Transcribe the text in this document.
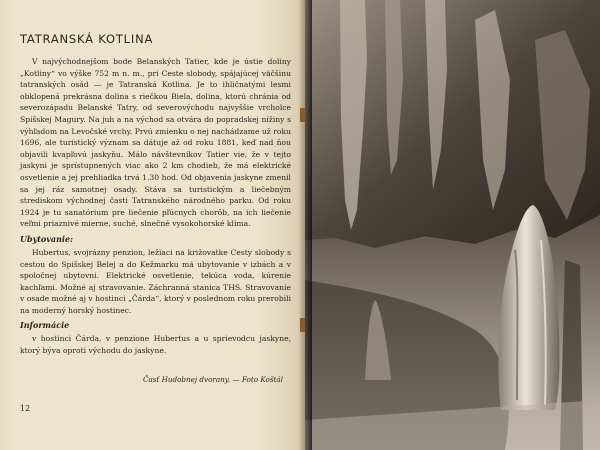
TATRANSKÁ KOTLINA

V najvýchodnejšom bode Belanských Tatier, kde je ústie doliny „Kotliny“ vo výške 752 m n. m., pri Ceste slobody, spájajúcej väčšinu tatranských osád — je Tatranská Kotlina. Je to ihličnatými lesmi obklopená prekrásna dolina s riečkou Biela, dolina, ktorú chránia od severozápadu Belanské Tatry, od severovýchodu najvyššie vrcholce Spišskej Magury. Na juh a na východ sa otvára do popradskej nížiny s výhľadom na Levočské vrchy. Prvú zmienku o nej nachádzame už roku 1696, ale turistický význam sa dátuje až od roku 1881, keď nad ňou objavili kvapľovú jaskyňu. Málo návštevníkov Tatier vie, že v tejto jaskyni je sprístupnených viac ako 2 km chodieb, že má elektrické osvetlenie a jej prehliadka trvá 1.30 hod. Od objavenia jaskyne zmenil sa jej ráz samotnej osady. Stáva sa turistickým a liečebným strediskom východnej časti Tatranského národného parku. Od roku 1924 je tu sanatórium pre liečenie pľúcnych chorôb, na ich liečenie veľmi priaznivé mierne, suché, slnečné vysokohorské klíma.

Ubytovanie:

Hubertus, svojrázny penzion, ležiaci na križovatke Cesty slobody s cestou do Spišskej Belej a do Kežmarku má ubytovanie v izbách a v spoločnej ubytovni. Elektrické osvetlenie, tekúca voda, kúrenie kachľami. Možné aj stravovanie. Záchranná stanica THS. Stravovanie v osade možné aj v hostinci „Čárda“, ktorý v poslednom roku prerobili na moderný horský hostinec.

Informácie

v hostinci Čárda, v penzione Hubertus a u sprievodcu jaskyne, ktorý býva oproti východu do jaskyne.

Časť Hudobnej dvorany. — Foto Koštál
12
